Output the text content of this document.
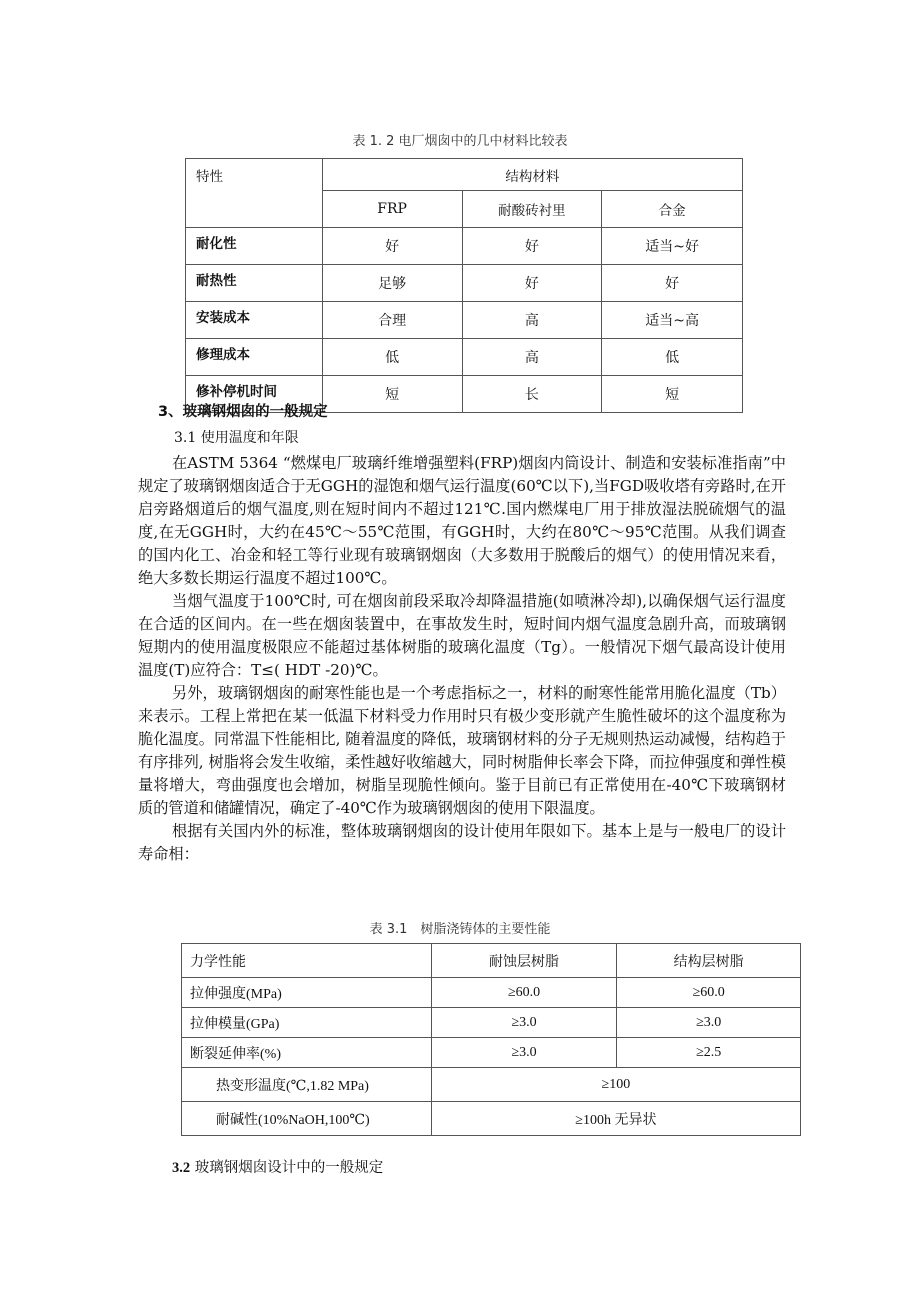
表 1. 2 电厂烟囱中的几中材料比较表
特性	结构材料		
	FRP	耐酸砖衬里	合金
耐化性	好	好	适当~好
耐热性	足够	好	好
安装成本	合理	高	适当~高
修理成本	低	高	低
修补停机时间	短	长	短
3、玻璃钢烟囱的一般规定
3.1 使用温度和年限

在ASTM 5364 “燃煤电厂玻璃纤维增强塑料(FRP)烟囱内筒设计、制造和安装标准指南”中规定了玻璃钢烟囱适合于无GGH的湿饱和烟气运行温度(60℃以下),当FGD吸收塔有旁路时,在开启旁路烟道后的烟气温度,则在短时间内不超过121℃.国内燃煤电厂用于排放湿法脱硫烟气的温度,在无GGH时，大约在45℃～55℃范围，有GGH时，大约在80℃～95℃范围。从我们调查的国内化工、冶金和轻工等行业现有玻璃钢烟囱（大多数用于脱酸后的烟气）的使用情况来看，绝大多数长期运行温度不超过100℃。

当烟气温度于100℃时, 可在烟囱前段采取冷却降温措施(如喷淋冷却),以确保烟气运行温度在合适的区间内。在一些在烟囱装置中，在事故发生时，短时间内烟气温度急剧升高，而玻璃钢短期内的使用温度极限应不能超过基体树脂的玻璃化温度（Tg）。一般情况下烟气最高设计使用温度(T)应符合：T≤( HDT -20)℃。

另外，玻璃钢烟囱的耐寒性能也是一个考虑指标之一，材料的耐寒性能常用脆化温度（Tb）来表示。工程上常把在某一低温下材料受力作用时只有极少变形就产生脆性破坏的这个温度称为脆化温度。同常温下性能相比, 随着温度的降低，玻璃钢材料的分子无规则热运动减慢，结构趋于有序排列, 树脂将会发生收缩，柔性越好收缩越大，同时树脂伸长率会下降，而拉伸强度和弹性模量将增大，弯曲强度也会增加，树脂呈现脆性倾向。鉴于目前已有正常使用在-40℃下玻璃钢材质的管道和储罐情况，确定了-40℃作为玻璃钢烟囱的使用下限温度。

根据有关国内外的标准，整体玻璃钢烟囱的设计使用年限如下。基本上是与一般电厂的设计寿命相：

表 3.1　树脂浇铸体的主要性能
力学性能	耐蚀层树脂	结构层树脂
拉伸强度(MPa)	≥60.0	≥60.0
拉伸模量(GPa)	≥3.0	≥3.0
断裂延伸率(%)	≥3.0	≥2.5
热变形温度(℃,1.82 MPa)	≥100	
耐碱性(10%NaOH,100℃)	≥100h 无异状	
3.2 玻璃钢烟囱设计中的一般规定
